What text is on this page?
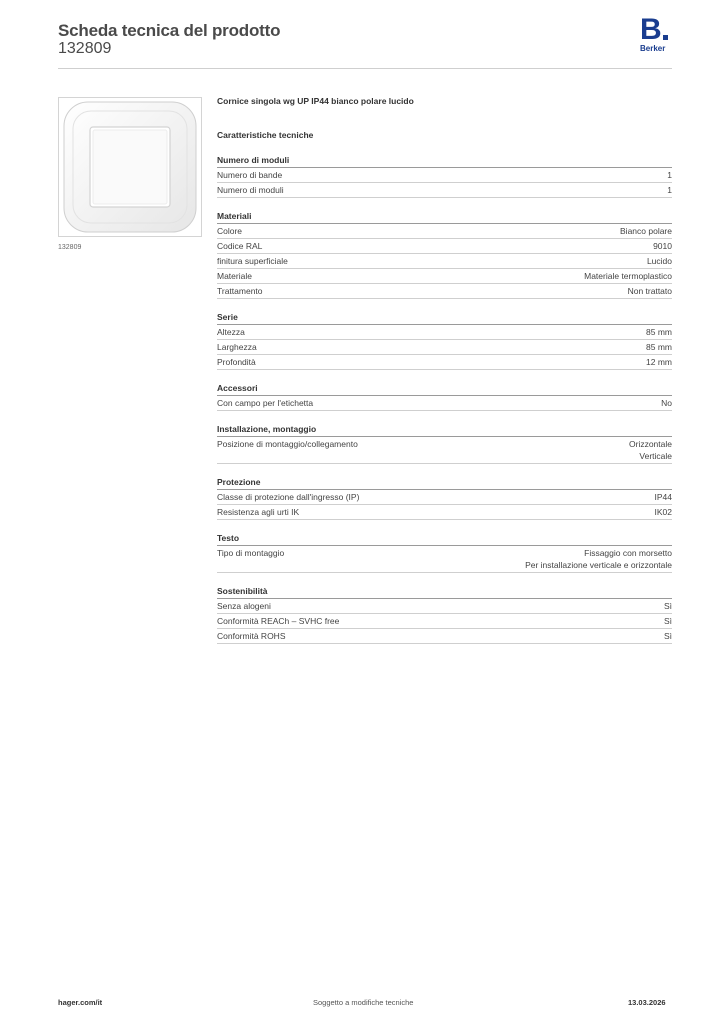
Scheda tecnica del prodotto
132809
B
Berker
132809
Cornice singola wg UP IP44 bianco polare lucido
Caratteristiche tecniche
Numero di moduli
Numero di bande	1
Numero di moduli	1
Materiali
Colore	Bianco polare
Codice RAL	9010
finitura superficiale	Lucido
Materiale	Materiale termoplastico
Trattamento	Non trattato
Serie
Altezza	85 mm
Larghezza	85 mm
Profondità	12 mm
Accessori
Con campo per l'etichetta	No
Installazione, montaggio
Posizione di montaggio/collegamento	Orizzontale
Verticale
Protezione
Classe di protezione dall'ingresso (IP)	IP44
Resistenza agli urti IK	IK02
Testo
Tipo di montaggio	Fissaggio con morsetto
Per installazione verticale e orizzontale
Sostenibilità
Senza alogeni	Sì
Conformità REACh – SVHC free	Sì
Conformità ROHS	Sì
hager.com/it	Soggetto a modifiche tecniche	13.03.2026
